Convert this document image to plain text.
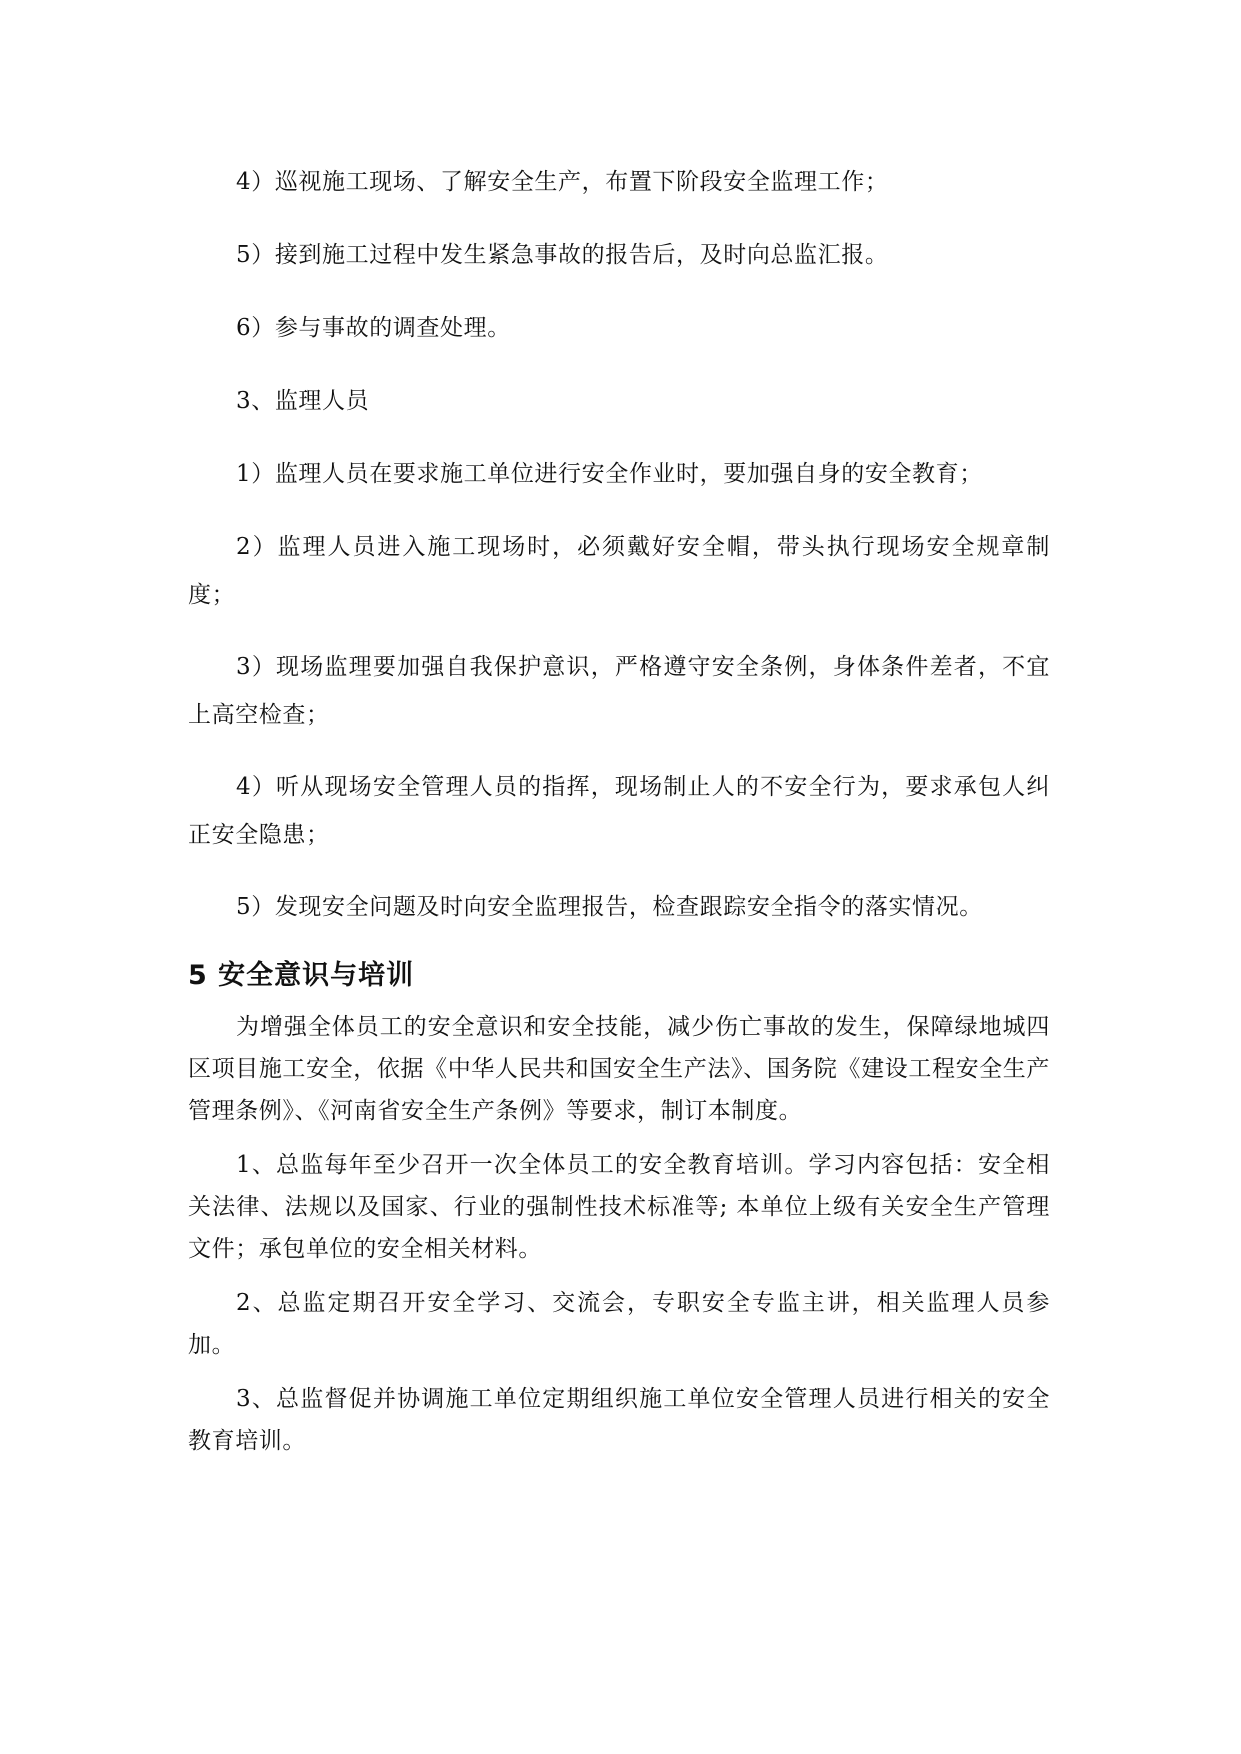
4）巡视施工现场、了解安全生产，布置下阶段安全监理工作；

5）接到施工过程中发生紧急事故的报告后，及时向总监汇报。

6）参与事故的调查处理。

3、监理人员

1）监理人员在要求施工单位进行安全作业时，要加强自身的安全教育；

2）监理人员进入施工现场时，必须戴好安全帽，带头执行现场安全规章制度；

3）现场监理要加强自我保护意识，严格遵守安全条例，身体条件差者，不宜上高空检查；

4）听从现场安全管理人员的指挥，现场制止人的不安全行为，要求承包人纠正安全隐患；

5）发现安全问题及时向安全监理报告，检查跟踪安全指令的落实情况。

5 安全意识与培训

为增强全体员工的安全意识和安全技能，减少伤亡事故的发生，保障绿地城四区项目施工安全，依据《中华人民共和国安全生产法》、国务院《建设工程安全生产管理条例》、《河南省安全生产条例》等要求，制订本制度。

1、总监每年至少召开一次全体员工的安全教育培训。学习内容包括：安全相关法律、法规以及国家、行业的强制性技术标准等; 本单位上级有关安全生产管理文件；承包单位的安全相关材料。

2、总监定期召开安全学习、交流会，专职安全专监主讲，相关监理人员参加。

3、总监督促并协调施工单位定期组织施工单位安全管理人员进行相关的安全教育培训。
